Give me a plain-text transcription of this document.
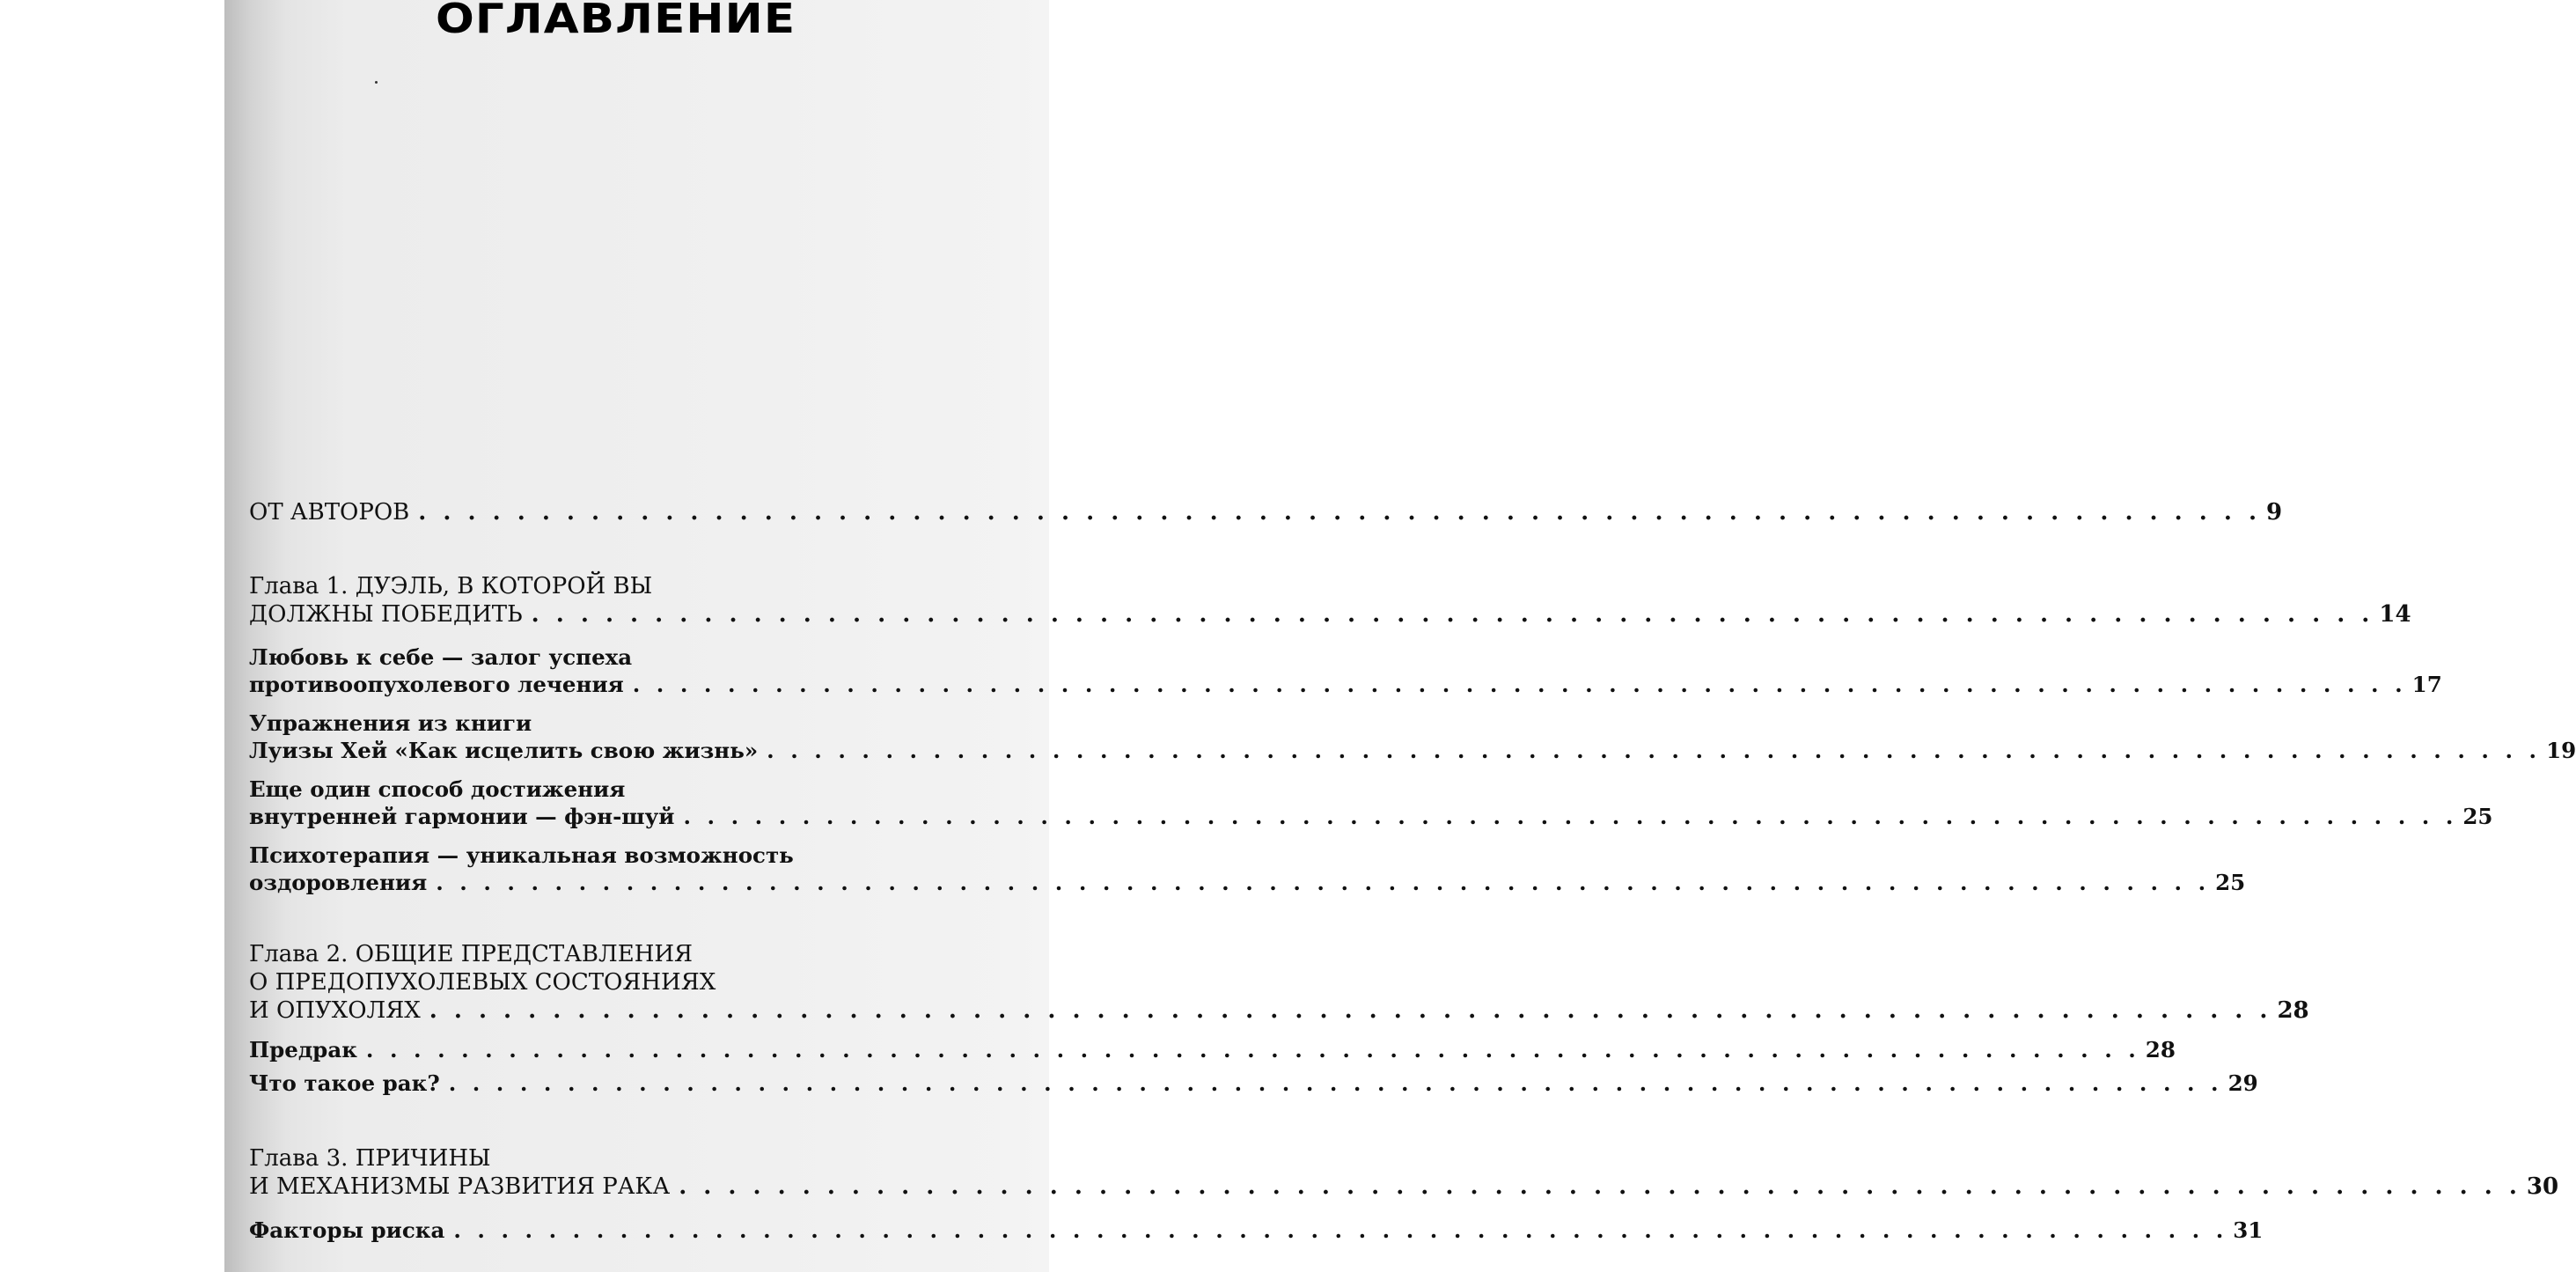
ОГЛАВЛЕНИЕ
ОТ АВТОРОВ . . . . . . . . . . . . . . . . . . . . . . . . . . . . . . . . . . . . . . . . . . . . . . . . . . . . . . . . . . . . . . . . . . . . . . . . . . . 9
Глава 1. ДУЭЛЬ, В КОТОРОЙ ВЫ
ДОЛЖНЫ ПОБЕДИТЬ . . . . . . . . . . . . . . . . . . . . . . . . . . . . . . . . . . . . . . . . . . . . . . . . . . . . . . . . . . . . . . . . . . . . . . . . . . . 14
Любовь к себе — залог успеха
противоопухолевого лечения . . . . . . . . . . . . . . . . . . . . . . . . . . . . . . . . . . . . . . . . . . . . . . . . . . . . . . . . . . . . . . . . . . . . . . . . . . . 17
Упражнения из книги
Луизы Хей «Как исцелить свою жизнь» . . . . . . . . . . . . . . . . . . . . . . . . . . . . . . . . . . . . . . . . . . . . . . . . . . . . . . . . . . . . . . . . . . . . . . . . . . . 19
Еще один способ достижения
внутренней гармонии — фэн-шуй . . . . . . . . . . . . . . . . . . . . . . . . . . . . . . . . . . . . . . . . . . . . . . . . . . . . . . . . . . . . . . . . . . . . . . . . . . . 25
Психотерапия — уникальная возможность
оздоровления . . . . . . . . . . . . . . . . . . . . . . . . . . . . . . . . . . . . . . . . . . . . . . . . . . . . . . . . . . . . . . . . . . . . . . . . . . . 25
Глава 2. ОБЩИЕ ПРЕДСТАВЛЕНИЯ
О ПРЕДОПУХОЛЕВЫХ СОСТОЯНИЯХ
И ОПУХОЛЯХ . . . . . . . . . . . . . . . . . . . . . . . . . . . . . . . . . . . . . . . . . . . . . . . . . . . . . . . . . . . . . . . . . . . . . . . . . . . 28
Предрак . . . . . . . . . . . . . . . . . . . . . . . . . . . . . . . . . . . . . . . . . . . . . . . . . . . . . . . . . . . . . . . . . . . . . . . . . . . 28
Что такое рак? . . . . . . . . . . . . . . . . . . . . . . . . . . . . . . . . . . . . . . . . . . . . . . . . . . . . . . . . . . . . . . . . . . . . . . . . . . . 29
Глава 3. ПРИЧИНЫ
И МЕХАНИЗМЫ РАЗВИТИЯ РАКА . . . . . . . . . . . . . . . . . . . . . . . . . . . . . . . . . . . . . . . . . . . . . . . . . . . . . . . . . . . . . . . . . . . . . . . . . . . 30
Факторы риска . . . . . . . . . . . . . . . . . . . . . . . . . . . . . . . . . . . . . . . . . . . . . . . . . . . . . . . . . . . . . . . . . . . . . . . . . . . 31
